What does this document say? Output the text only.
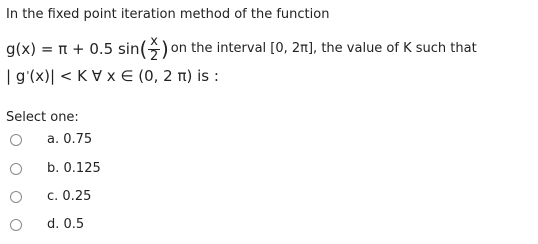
In the fixed point iteration method of the function
g(x) = π + 0.5 sin ( $\frac{x}{2}$ ) on the interval [0, 2π], the value of K such that
| g ' (x)| < K ∀ x ∈ (0, 2 π) is :
Select one:
a. 0.75
b. 0.125
c. 0.25
d. 0.5
